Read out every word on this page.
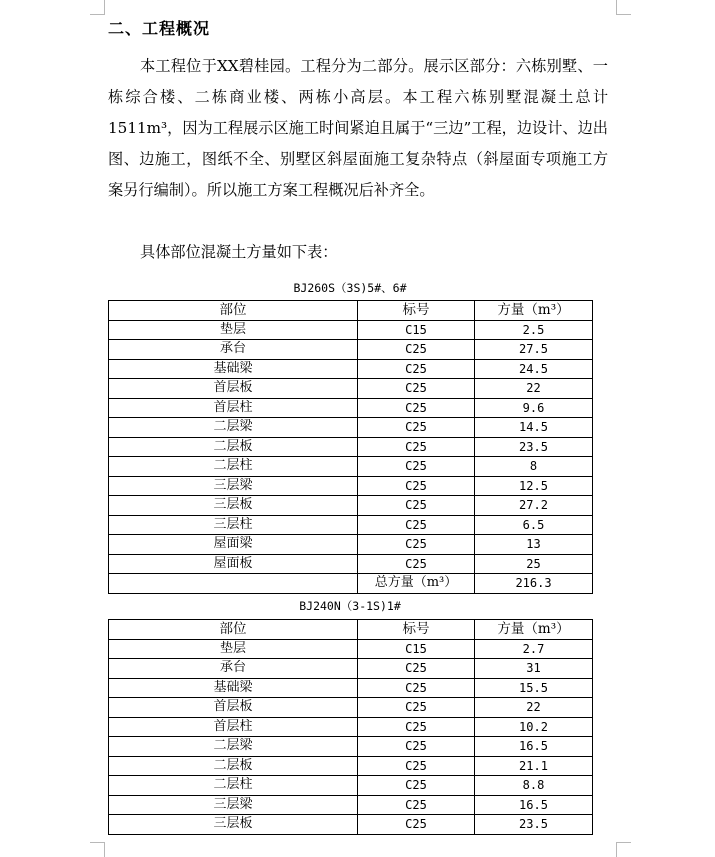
二、工程概况
本工程位于XX碧桂园。工程分为二部分。展示区部分：六栋别墅、一栋综合楼、二栋商业楼、两栋小高层。本工程六栋别墅混凝土总计 1511m³，因为工程展示区施工时间紧迫且属于“三边”工程，边设计、边出图、边施工，图纸不全、别墅区斜屋面施工复杂特点（斜屋面专项施工方案另行编制）。所以施工方案工程概况后补齐全。
具体部位混凝土方量如下表：
BJ260S（3S)5#、6#
部位	标号	方量（m³）
垫层	C15	2.5
承台	C25	27.5
基础梁	C25	24.5
首层板	C25	22
首层柱	C25	9.6
二层梁	C25	14.5
二层板	C25	23.5
二层柱	C25	8
三层梁	C25	12.5
三层板	C25	27.2
三层柱	C25	6.5
屋面梁	C25	13
屋面板	C25	25
	总方量（m³）	216.3
BJ240N（3-1S)1#
部位	标号	方量（m³）
垫层	C15	2.7
承台	C25	31
基础梁	C25	15.5
首层板	C25	22
首层柱	C25	10.2
二层梁	C25	16.5
二层板	C25	21.1
二层柱	C25	8.8
三层梁	C25	16.5
三层板	C25	23.5
